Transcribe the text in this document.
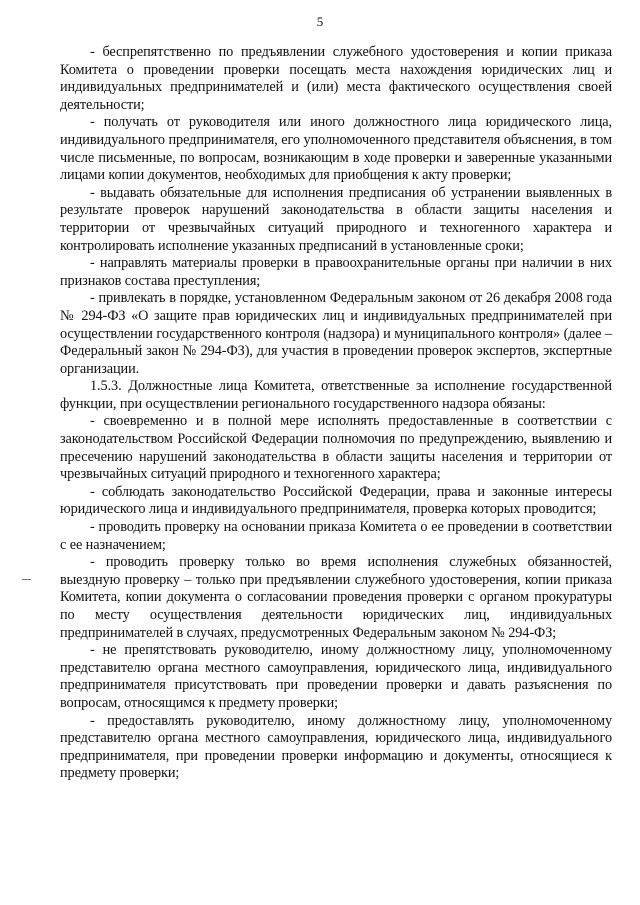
5

- беспрепятственно по предъявлении служебного удостоверения и копии приказа Комитета о проведении проверки посещать места нахождения юридических лиц и индивидуальных предпринимателей и (или) места фактического осуществления своей деятельности;

- получать от руководителя или иного должностного лица юридического лица, индивидуального предпринимателя, его уполномоченного представителя объяснения, в том числе письменные, по вопросам, возникающим в ходе проверки и заверенные указанными лицами копии документов, необходимых для приобщения к акту проверки;

- выдавать обязательные для исполнения предписания об устранении выявленных в результате проверок нарушений законодательства в области защиты населения и территории от чрезвычайных ситуаций природного и техногенного характера и контролировать исполнение указанных предписаний в установленные сроки;

- направлять материалы проверки в правоохранительные органы при наличии в них признаков состава преступления;

- привлекать в порядке, установленном Федеральным законом от 26 декабря 2008 года № 294-ФЗ «О защите прав юридических лиц и индивидуальных предпринимателей при осуществлении государственного контроля (надзора) и муниципального контроля» (далее – Федеральный закон № 294-ФЗ), для участия в проведении проверок экспертов, экспертные организации.

1.5.3. Должностные лица Комитета, ответственные за исполнение государственной функции, при осуществлении регионального государственного надзора обязаны:

- своевременно и в полной мере исполнять предоставленные в соответствии с законодательством Российской Федерации полномочия по предупреждению, выявлению и пресечению нарушений законодательства в области защиты населения и территории от чрезвычайных ситуаций природного и техногенного характера;

- соблюдать законодательство Российской Федерации, права и законные интересы юридического лица и индивидуального предпринимателя, проверка которых проводится;

- проводить проверку на основании приказа Комитета о ее проведении в соответствии с ее назначением;

- проводить проверку только во время исполнения служебных обязанностей, выездную проверку – только при предъявлении служебного удостоверения, копии приказа Комитета, копии документа о согласовании проведения проверки с органом прокуратуры по месту осуществления деятельности юридических лиц, индивидуальных предпринимателей в случаях, предусмотренных Федеральным законом № 294-ФЗ;

- не препятствовать руководителю, иному должностному лицу, уполномоченному представителю органа местного самоуправления, юридического лица, индивидуального предпринимателя присутствовать при проведении проверки и давать разъяснения по вопросам, относящимся к предмету проверки;

- предоставлять руководителю, иному должностному лицу, уполномоченному представителю органа местного самоуправления, юридического лица, индивидуального предпринимателя, при проведении проверки информацию и документы, относящиеся к предмету проверки;
